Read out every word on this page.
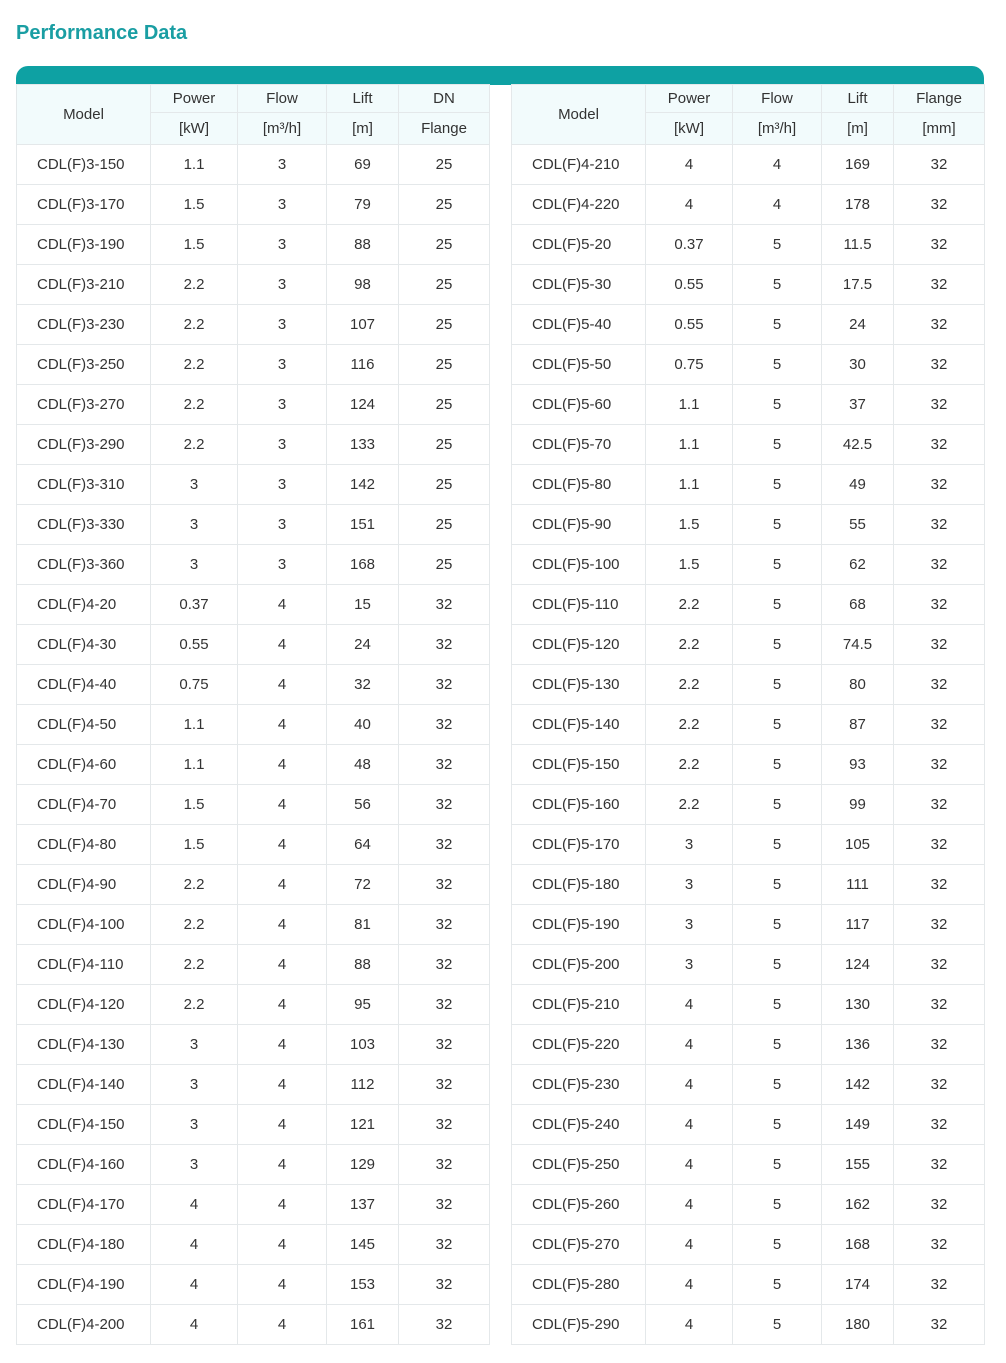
Performance Data
Model	Power	Flow	Lift	DN
	[kW]	[m³/h]	[m]	Flange
CDL(F)3-150	1.1	3	69	25
CDL(F)3-170	1.5	3	79	25
CDL(F)3-190	1.5	3	88	25
CDL(F)3-210	2.2	3	98	25
CDL(F)3-230	2.2	3	107	25
CDL(F)3-250	2.2	3	116	25
CDL(F)3-270	2.2	3	124	25
CDL(F)3-290	2.2	3	133	25
CDL(F)3-310	3	3	142	25
CDL(F)3-330	3	3	151	25
CDL(F)3-360	3	3	168	25
CDL(F)4-20	0.37	4	15	32
CDL(F)4-30	0.55	4	24	32
CDL(F)4-40	0.75	4	32	32
CDL(F)4-50	1.1	4	40	32
CDL(F)4-60	1.1	4	48	32
CDL(F)4-70	1.5	4	56	32
CDL(F)4-80	1.5	4	64	32
CDL(F)4-90	2.2	4	72	32
CDL(F)4-100	2.2	4	81	32
CDL(F)4-110	2.2	4	88	32
CDL(F)4-120	2.2	4	95	32
CDL(F)4-130	3	4	103	32
CDL(F)4-140	3	4	112	32
CDL(F)4-150	3	4	121	32
CDL(F)4-160	3	4	129	32
CDL(F)4-170	4	4	137	32
CDL(F)4-180	4	4	145	32
CDL(F)4-190	4	4	153	32
CDL(F)4-200	4	4	161	32
Model	Power	Flow	Lift	Flange
	[kW]	[m³/h]	[m]	[mm]
CDL(F)4-210	4	4	169	32
CDL(F)4-220	4	4	178	32
CDL(F)5-20	0.37	5	11.5	32
CDL(F)5-30	0.55	5	17.5	32
CDL(F)5-40	0.55	5	24	32
CDL(F)5-50	0.75	5	30	32
CDL(F)5-60	1.1	5	37	32
CDL(F)5-70	1.1	5	42.5	32
CDL(F)5-80	1.1	5	49	32
CDL(F)5-90	1.5	5	55	32
CDL(F)5-100	1.5	5	62	32
CDL(F)5-110	2.2	5	68	32
CDL(F)5-120	2.2	5	74.5	32
CDL(F)5-130	2.2	5	80	32
CDL(F)5-140	2.2	5	87	32
CDL(F)5-150	2.2	5	93	32
CDL(F)5-160	2.2	5	99	32
CDL(F)5-170	3	5	105	32
CDL(F)5-180	3	5	111	32
CDL(F)5-190	3	5	117	32
CDL(F)5-200	3	5	124	32
CDL(F)5-210	4	5	130	32
CDL(F)5-220	4	5	136	32
CDL(F)5-230	4	5	142	32
CDL(F)5-240	4	5	149	32
CDL(F)5-250	4	5	155	32
CDL(F)5-260	4	5	162	32
CDL(F)5-270	4	5	168	32
CDL(F)5-280	4	5	174	32
CDL(F)5-290	4	5	180	32
